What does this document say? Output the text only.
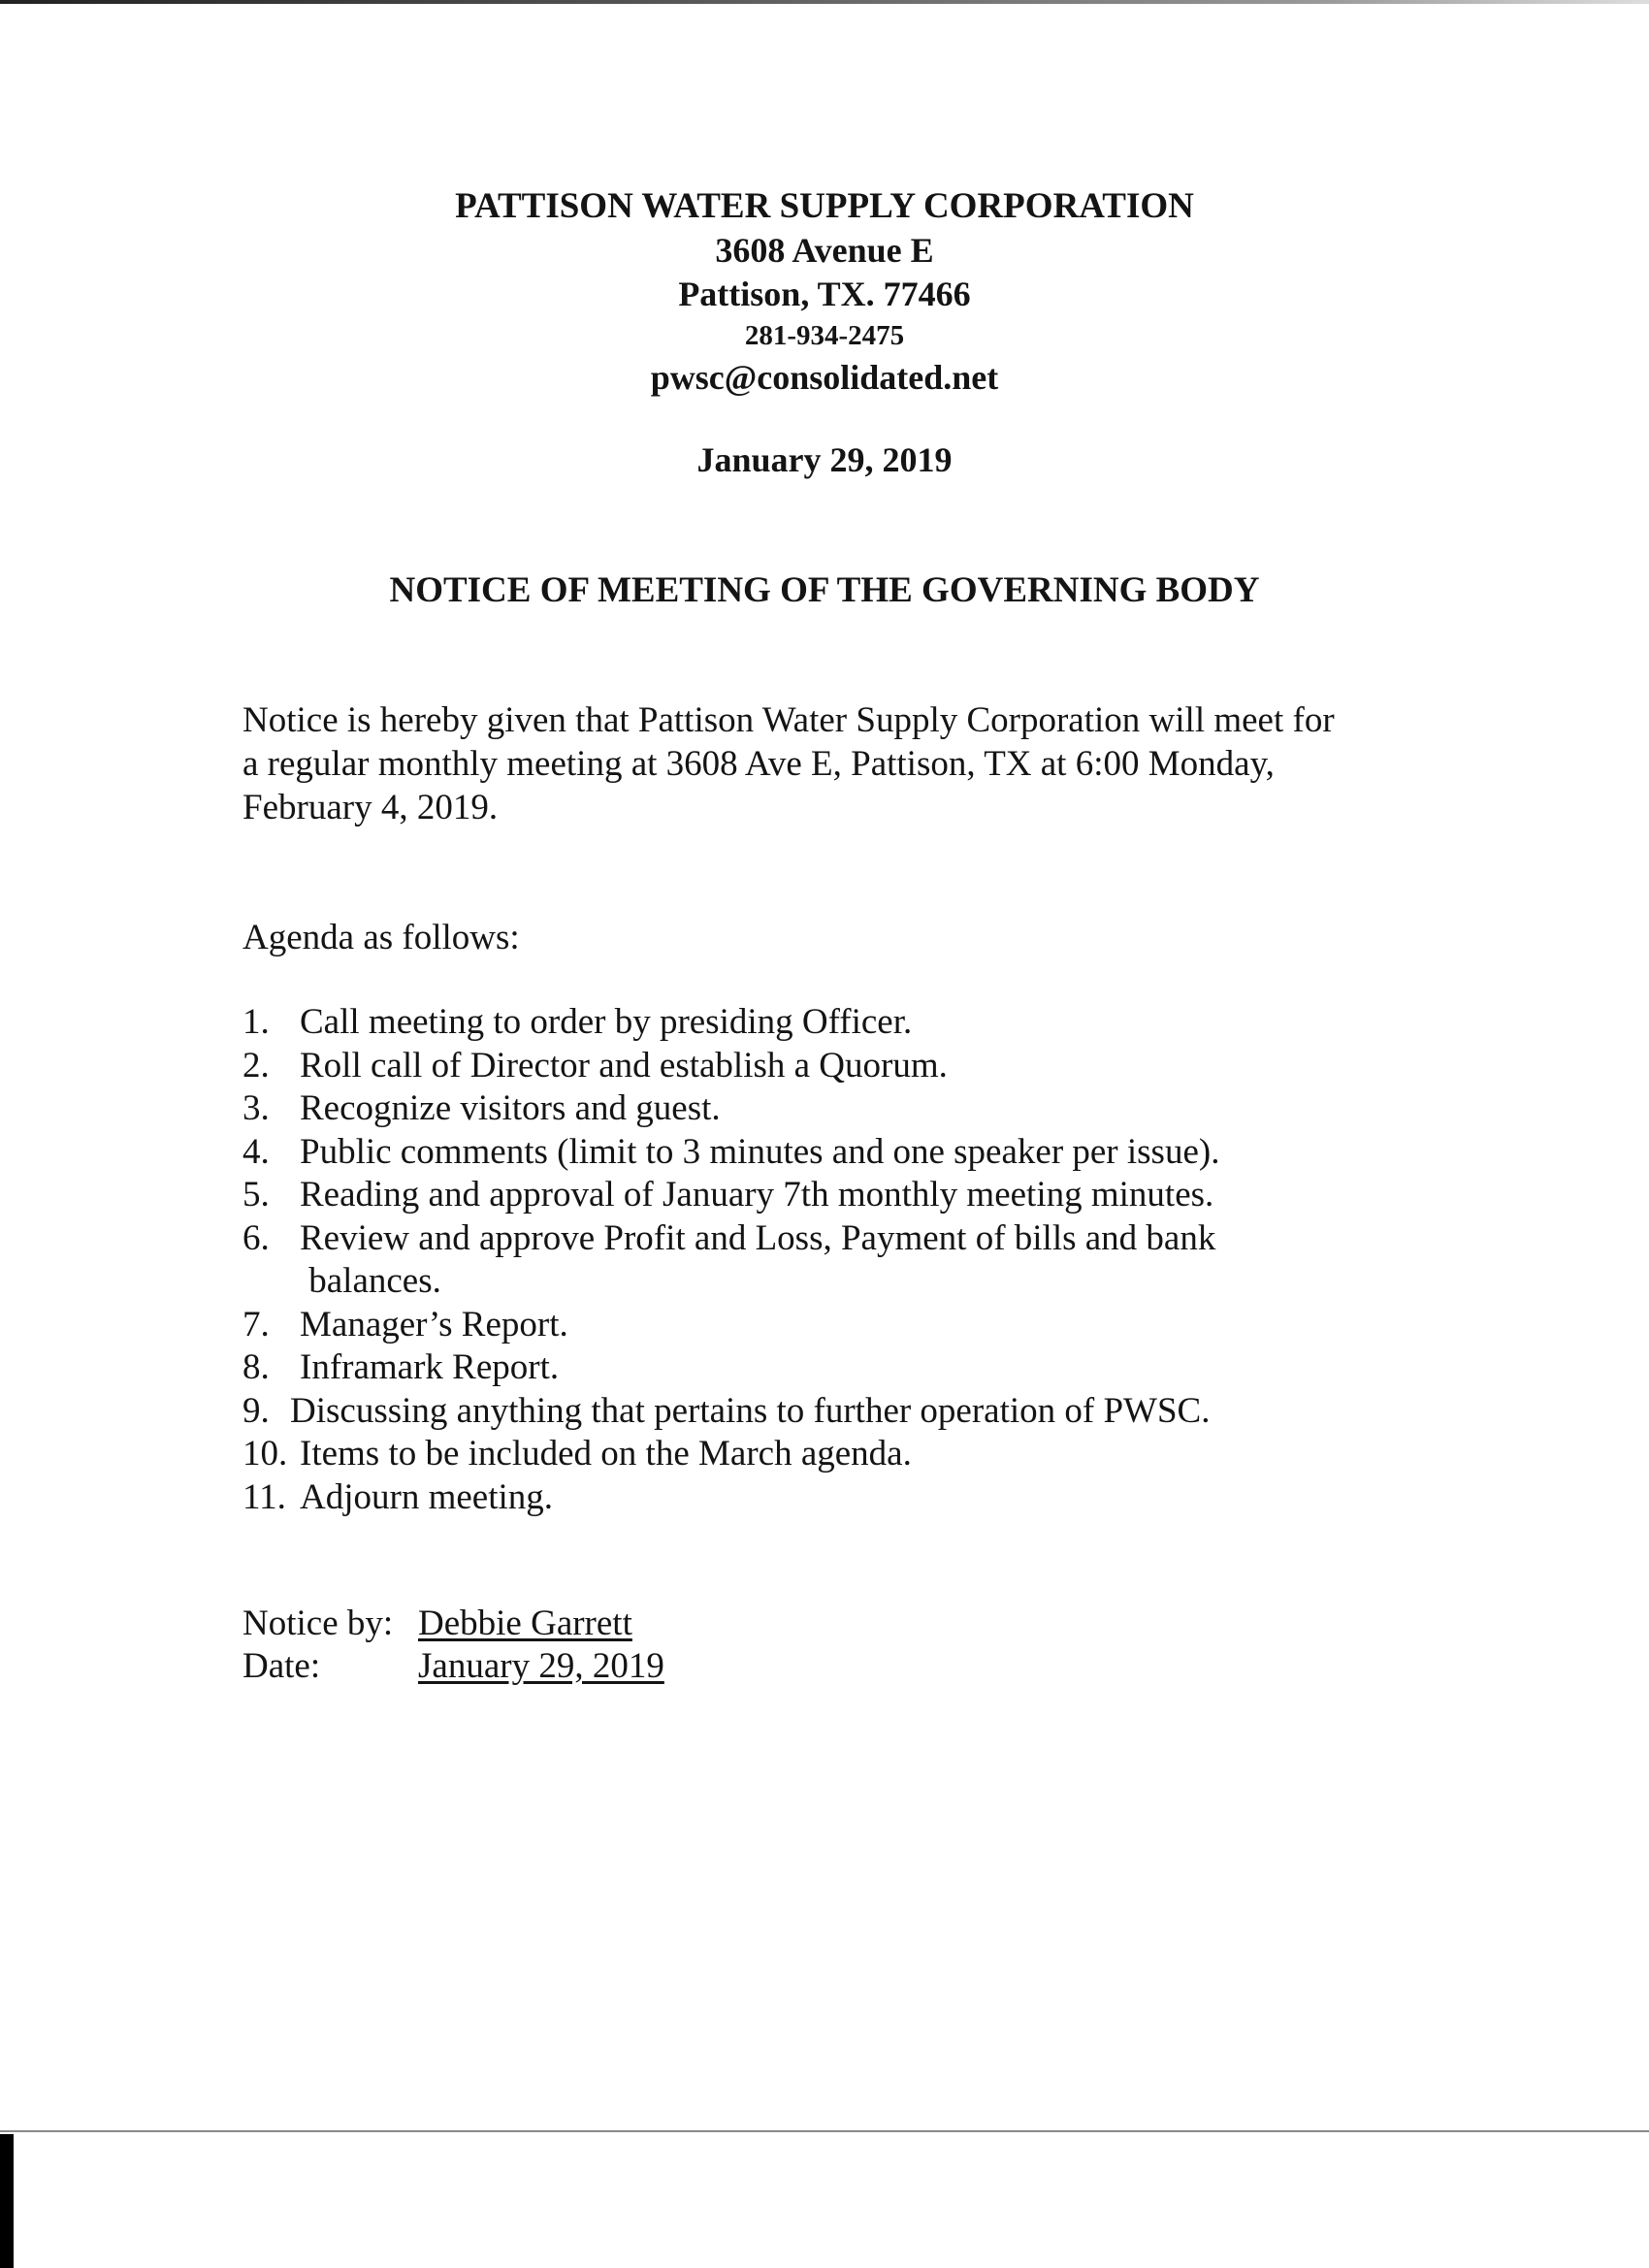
PATTISON WATER SUPPLY CORPORATION
3608 Avenue E
Pattison, TX. 77466
281-934-2475
pwsc@consolidated.net
January 29, 2019
NOTICE OF MEETING OF THE GOVERNING BODY
Notice is hereby given that Pattison Water Supply Corporation will meet for
a regular monthly meeting at 3608 Ave E, Pattison, TX at 6:00 Monday,
February 4, 2019.
Agenda as follows:
1. Call meeting to order by presiding Officer.
2. Roll call of Director and establish a Quorum.
3. Recognize visitors and guest.
4. Public comments (limit to 3 minutes and one speaker per issue).
5. Reading and approval of January 7th monthly meeting minutes.
6. Review and approve Profit and Loss, Payment of bills and bank
balances.
7. Manager’s Report.
8. Inframark Report.
9. Discussing anything that pertains to further operation of PWSC.
10. Items to be included on the March agenda.
11. Adjourn meeting.
Notice by: Debbie Garrett
Date:	January 29, 2019
